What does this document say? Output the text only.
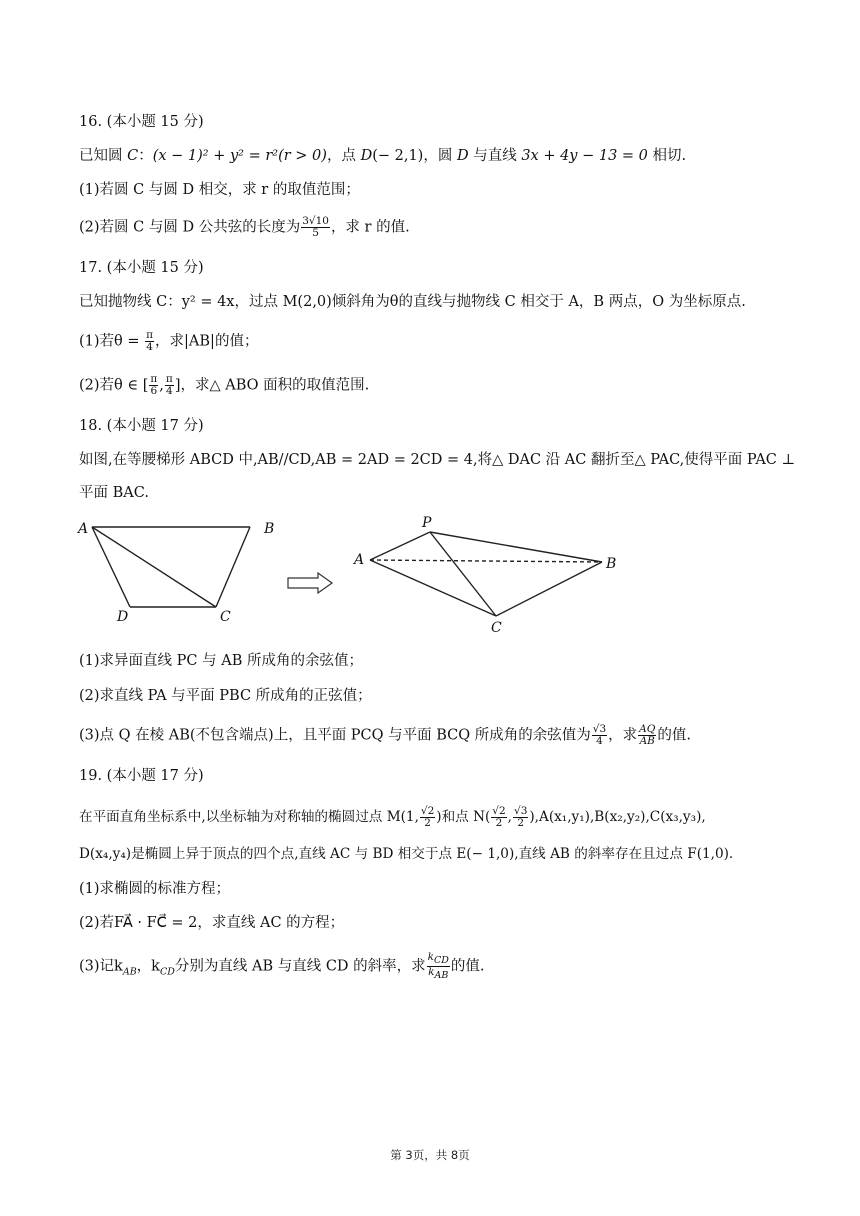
16. (本小题 15 分)
已知圆 C：(x − 1)² + y² = r²(r > 0)，点 D(− 2,1)，圆 D 与直线 3x + 4y − 13 = 0 相切.
(1)若圆 C 与圆 D 相交，求 r 的取值范围；
(2)若圆 C 与圆 D 公共弦的长度为 $\frac{3√10}{5}$ ，求 r 的值.
17. (本小题 15 分)
已知抛物线 C：y² = 4x，过点 M(2,0)倾斜角为θ的直线与抛物线 C 相交于 A，B 两点，O 为坐标原点.
(1)若$\theta = \frac{\pi}{4}$ ，求|AB|的值；
(2)若θ ∈ [ $\frac{\pi}{6}$ , $\frac{\pi}{4}$ ]，求△ ABO 面积的取值范围.
18. (本小题 17 分)
如图,在等腰梯形 ABCD 中,AB//CD,AB = 2AD = 2CD = 4,将△ DAC 沿 AC 翻折至△ PAC,使得平面 PAC ⊥
平面 BAC.
A
D	C
B	P
A	B
C
(1)求异面直线 PC 与 AB 所成角的余弦值；
(2)求直线 PA 与平面 PBC 所成角的正弦值；
(3)点 Q 在棱 AB(不包含端点)上，且平面 PCQ 与平面 BCQ 所成角的余弦值为 $\frac{√3}{4}$ ，求 $\frac{AQ}{AB}$ 的值.
19. (本小题 17 分)
在平面直角坐标系中,以坐标轴为对称轴的椭圆过点 M(1, $\frac{√2}{2}$ )和点 $N( \frac{√2}{2}$ , $\frac{√3}{2} ),A(x_1,y_1),B(x_2,y_2),C(x_3,y_3)$,
D(x₄,y₄)是椭圆上异于顶点的四个点,直线 AC 与 BD 相交于点 E(− 1,0),直线 AB 的斜率存在且过点 F(1,0).
(1)求椭圆的标准方程；
(2)若FA⃗ · FC⃗ = 2，求直线 AC 的方程；
(3)记$k_{AB}$，$k_{CD}$分别为直线 AB 与直线 CD 的斜率，求
$k_{CD}$
$k_{AB}$
的值.
第 3页，共 8页
